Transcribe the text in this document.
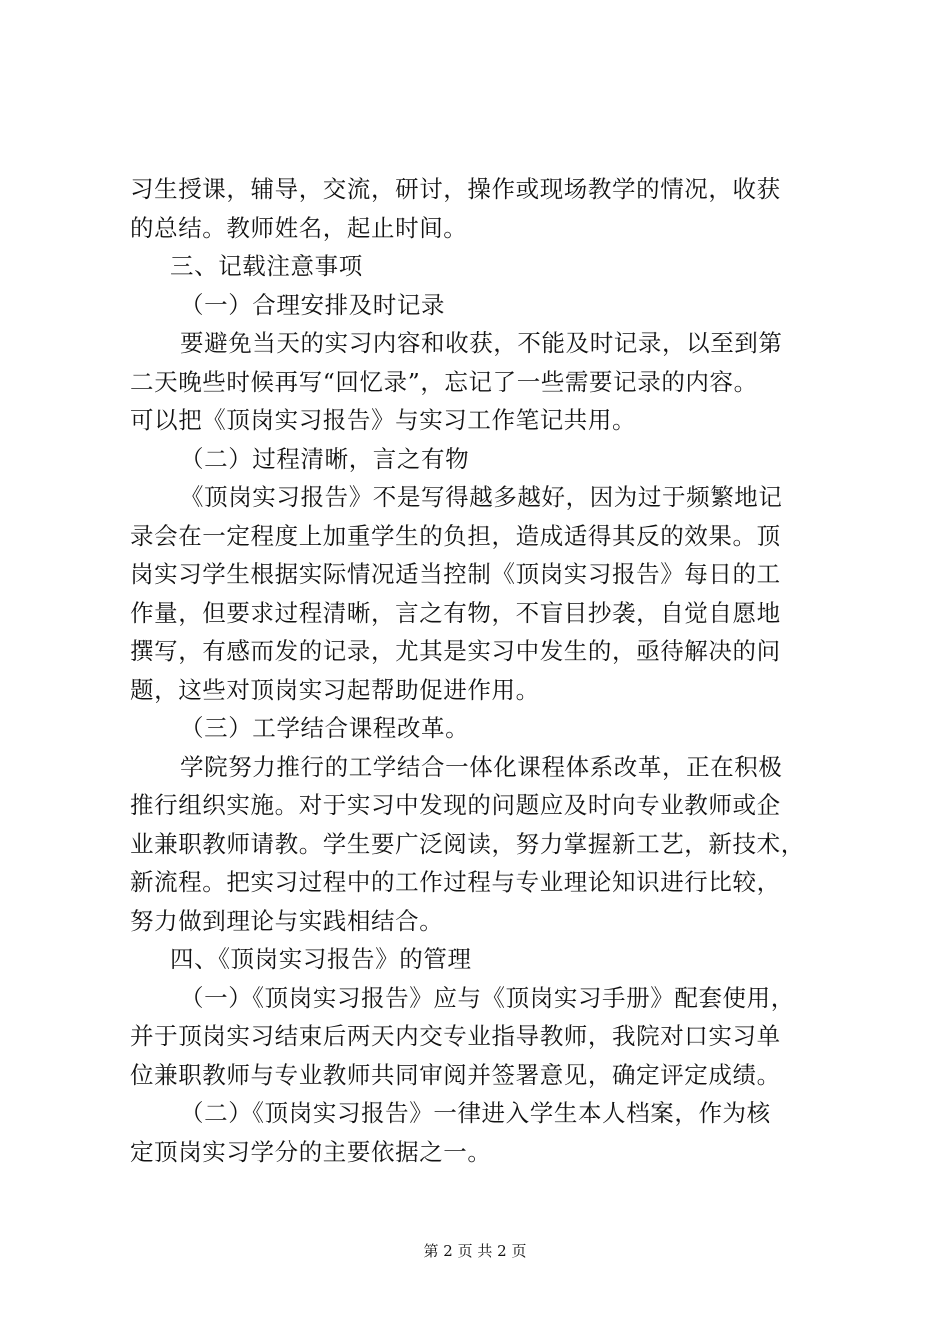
习生授课，辅导，交流，研讨，操作或现场教学的情况，收获
的总结。教师姓名，起止时间。
三、记载注意事项
（一）合理安排及时记录
要避免当天的实习内容和收获，不能及时记录，以至到第
二天晚些时候再写“回忆录”，忘记了一些需要记录的内容。
可以把《顶岗实习报告》与实习工作笔记共用。
（二）过程清晰，言之有物
《顶岗实习报告》不是写得越多越好，因为过于频繁地记
录会在一定程度上加重学生的负担，造成适得其反的效果。顶
岗实习学生根据实际情况适当控制《顶岗实习报告》每日的工
作量，但要求过程清晰，言之有物，不盲目抄袭，自觉自愿地
撰写，有感而发的记录，尤其是实习中发生的，亟待解决的问
题，这些对顶岗实习起帮助促进作用。
（三）工学结合课程改革。
学院努力推行的工学结合一体化课程体系改革，正在积极
推行组织实施。对于实习中发现的问题应及时向专业教师或企
业兼职教师请教。学生要广泛阅读，努力掌握新工艺，新技术，
新流程。把实习过程中的工作过程与专业理论知识进行比较，
努力做到理论与实践相结合。
四、《顶岗实习报告》的管理
（一）《顶岗实习报告》应与《顶岗实习手册》配套使用，
并于顶岗实习结束后两天内交专业指导教师，我院对口实习单
位兼职教师与专业教师共同审阅并签署意见，确定评定成绩。
（二）《顶岗实习报告》一律进入学生本人档案，作为核
定顶岗实习学分的主要依据之一。
第 2 页 共 2 页
